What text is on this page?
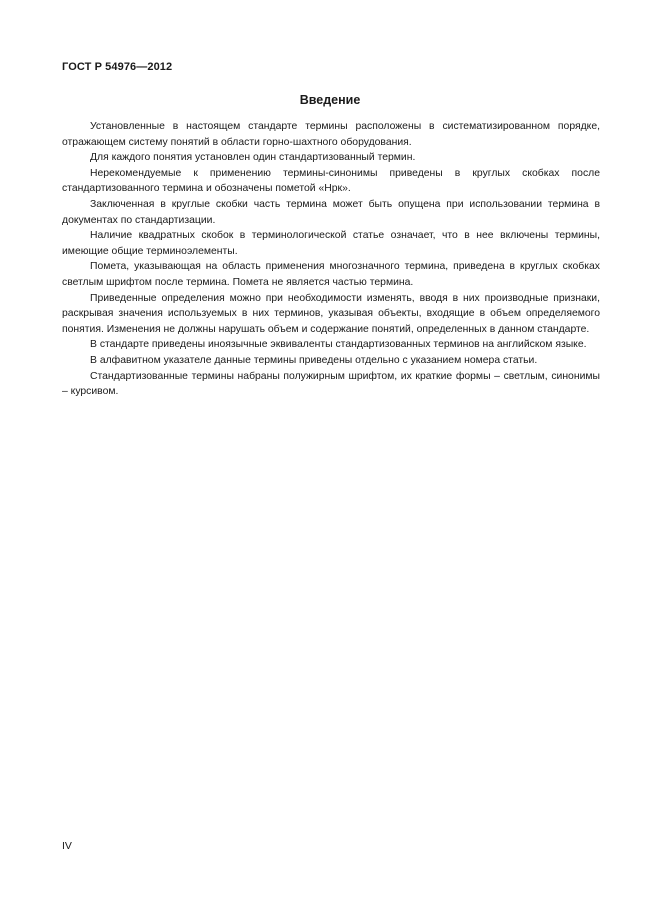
ГОСТ Р 54976—2012
Введение

Установленные в настоящем стандарте термины расположены в систематизированном порядке, отражающем систему понятий в области горно-шахтного оборудования.

Для каждого понятия установлен один стандартизованный термин.

Нерекомендуемые к применению термины-синонимы приведены в круглых скобках после стандартизованного термина и обозначены пометой «Нрк».

Заключенная в круглые скобки часть термина может быть опущена при использовании термина в документах по стандартизации.

Наличие квадратных скобок в терминологической статье означает, что в нее включены термины, имеющие общие терминоэлементы.

Помета, указывающая на область применения многозначного термина, приведена в круглых скобках светлым шрифтом после термина. Помета не является частью термина.

Приведенные определения можно при необходимости изменять, вводя в них производные признаки, раскрывая значения используемых в них терминов, указывая объекты, входящие в объем определяемого понятия. Изменения не должны нарушать объем и содержание понятий, определенных в данном стандарте.

В стандарте приведены иноязычные эквиваленты стандартизованных терминов на английском языке.

В алфавитном указателе данные термины приведены отдельно с указанием номера статьи.

Стандартизованные термины набраны полужирным шрифтом, их краткие формы – светлым, синонимы – курсивом.

IV
